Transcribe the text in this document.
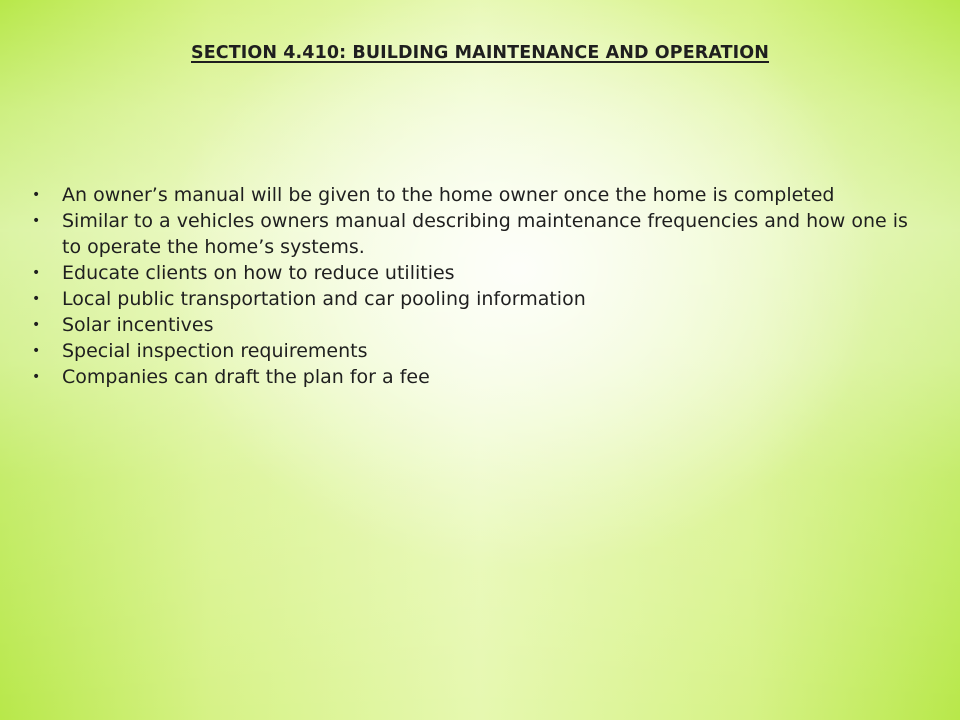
SECTION 4.410: BUILDING MAINTENANCE AND OPERATION
• An owner’s manual will be given to the home owner once the home is completed
• Similar to a vehicles owners manual describing maintenance frequencies and how one is to operate the home’s systems.
• Educate clients on how to reduce utilities
• Local public transportation and car pooling information
• Solar incentives
• Special inspection requirements
• Companies can draft the plan for a fee
